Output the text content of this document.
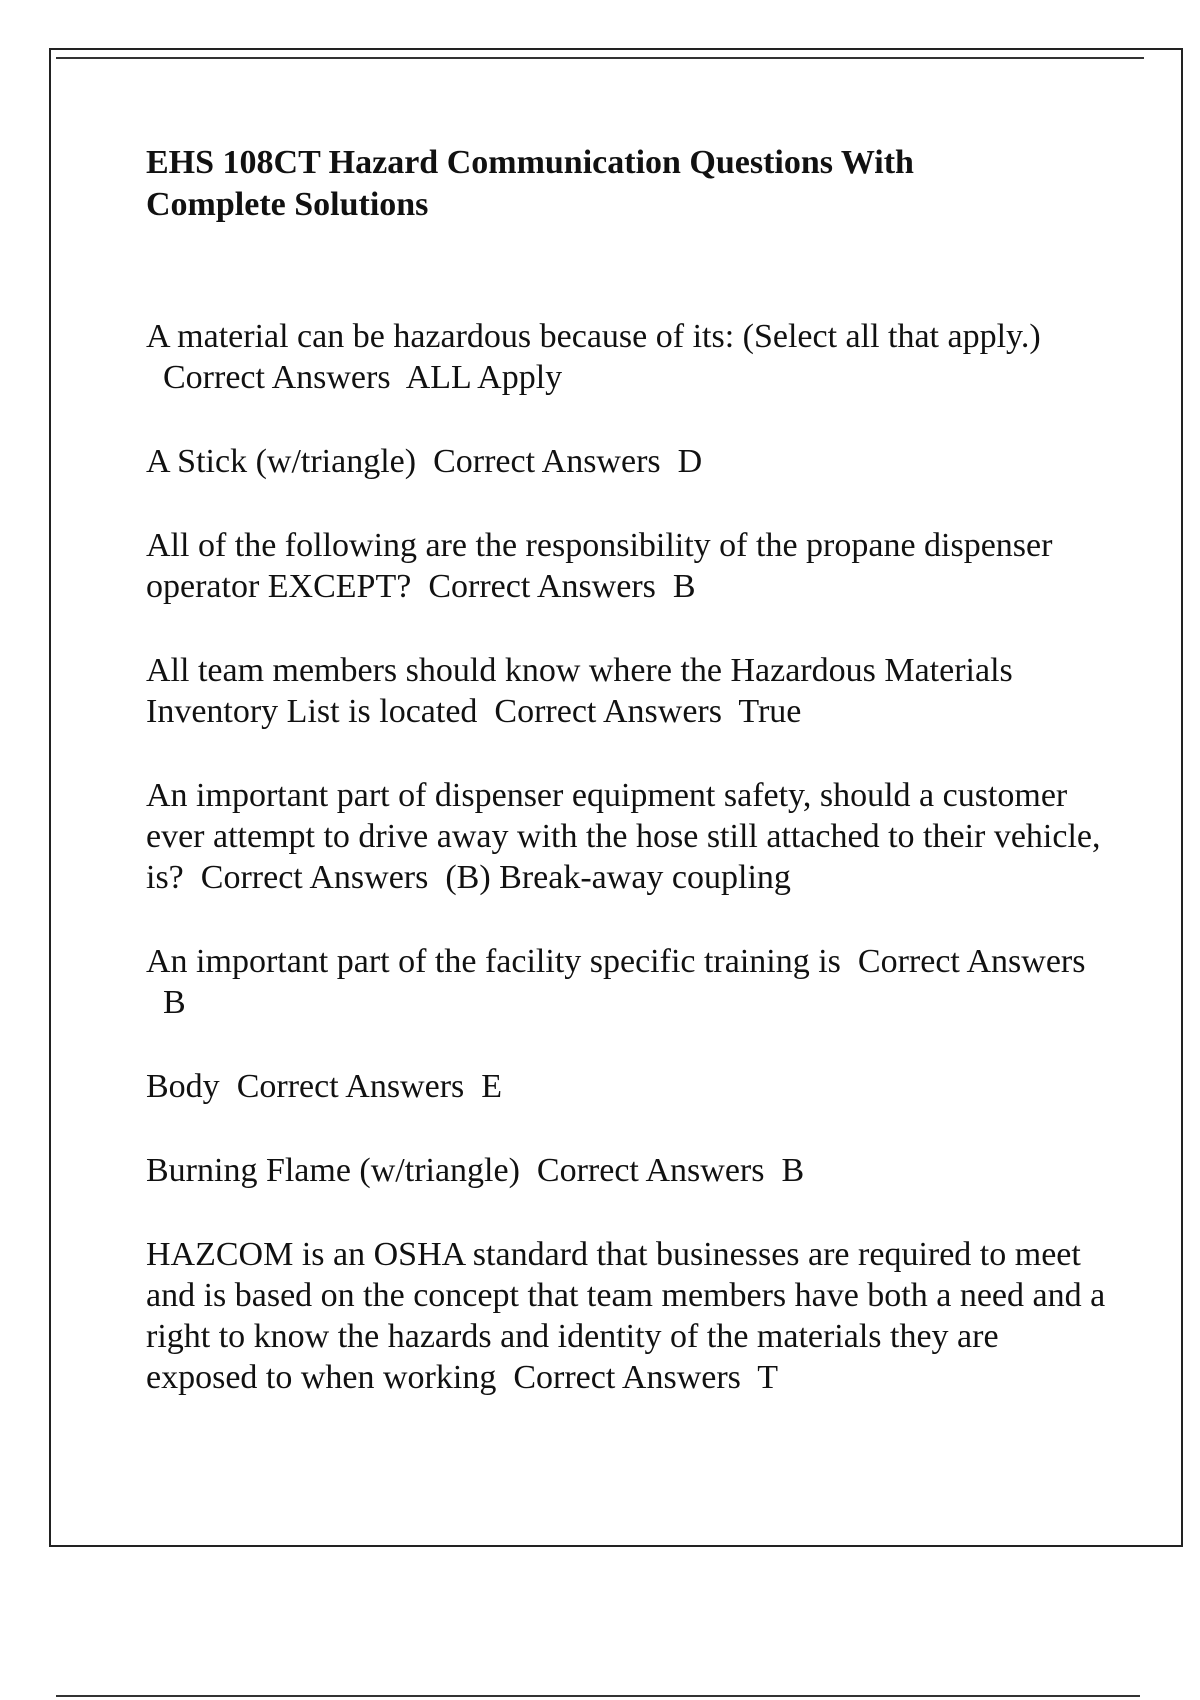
EHS 108CT Hazard Communication Questions With Complete Solutions
A material can be hazardous because of its: (Select all that apply.)  Correct Answers ALL Apply
A Stick (w/triangle) Correct Answers D
All of the following are the responsibility of the propane dispenser operator EXCEPT? Correct Answers B
All team members should know where the Hazardous Materials Inventory List is located Correct Answers True
An important part of dispenser equipment safety, should a customer ever attempt to drive away with the hose still attached to their vehicle, is? Correct Answers (B) Break-away coupling
An important part of the facility specific training is Correct Answers  B
Body Correct Answers E
Burning Flame (w/triangle) Correct Answers B
HAZCOM is an OSHA standard that businesses are required to meet and is based on the concept that team members have both a need and a right to know the hazards and identity of the materials they are exposed to when working Correct Answers T
